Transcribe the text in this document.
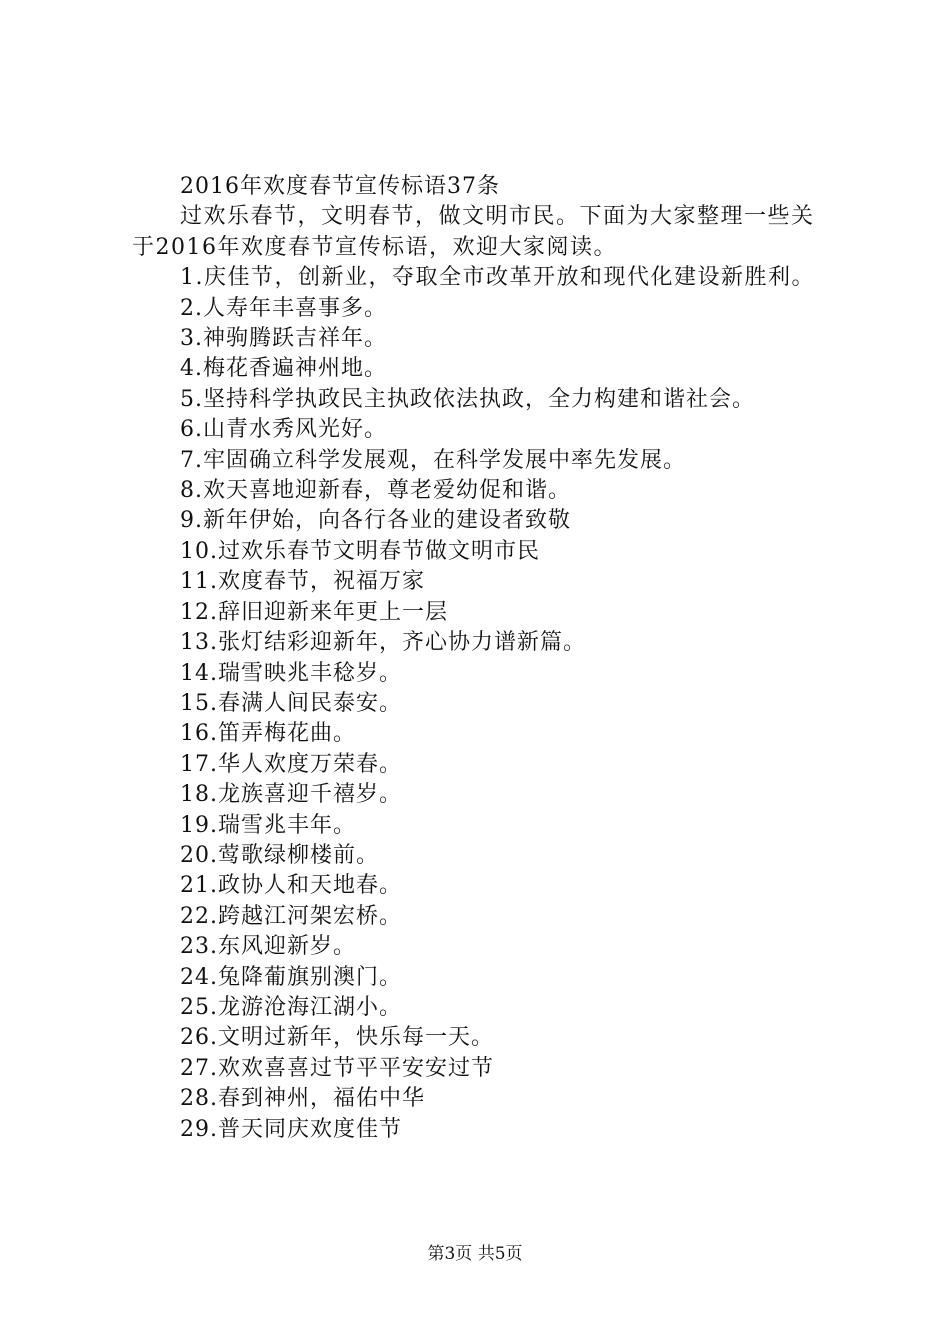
2016年欢度春节宣传标语37条
过欢乐春节，文明春节，做文明市民。下面为大家整理一些关于2016年欢度春节宣传标语，欢迎大家阅读。
1.庆佳节，创新业，夺取全市改革开放和现代化建设新胜利。
2.人寿年丰喜事多。
3.神驹腾跃吉祥年。
4.梅花香遍神州地。
5.坚持科学执政民主执政依法执政，全力构建和谐社会。
6.山青水秀风光好。
7.牢固确立科学发展观，在科学发展中率先发展。
8.欢天喜地迎新春，尊老爱幼促和谐。
9.新年伊始，向各行各业的建设者致敬
10.过欢乐春节文明春节做文明市民
11.欢度春节，祝福万家
12.辞旧迎新来年更上一层
13.张灯结彩迎新年，齐心协力谱新篇。
14.瑞雪映兆丰稔岁。
15.春满人间民泰安。
16.笛弄梅花曲。
17.华人欢度万荣春。
18.龙族喜迎千禧岁。
19.瑞雪兆丰年。
20.莺歌绿柳楼前。
21.政协人和天地春。
22.跨越江河架宏桥。
23.东风迎新岁。
24.兔降葡旗别澳门。
25.龙游沧海江湖小。
26.文明过新年，快乐每一天。
27.欢欢喜喜过节平平安安过节
28.春到神州，福佑中华
29.普天同庆欢度佳节
第3页 共5页
